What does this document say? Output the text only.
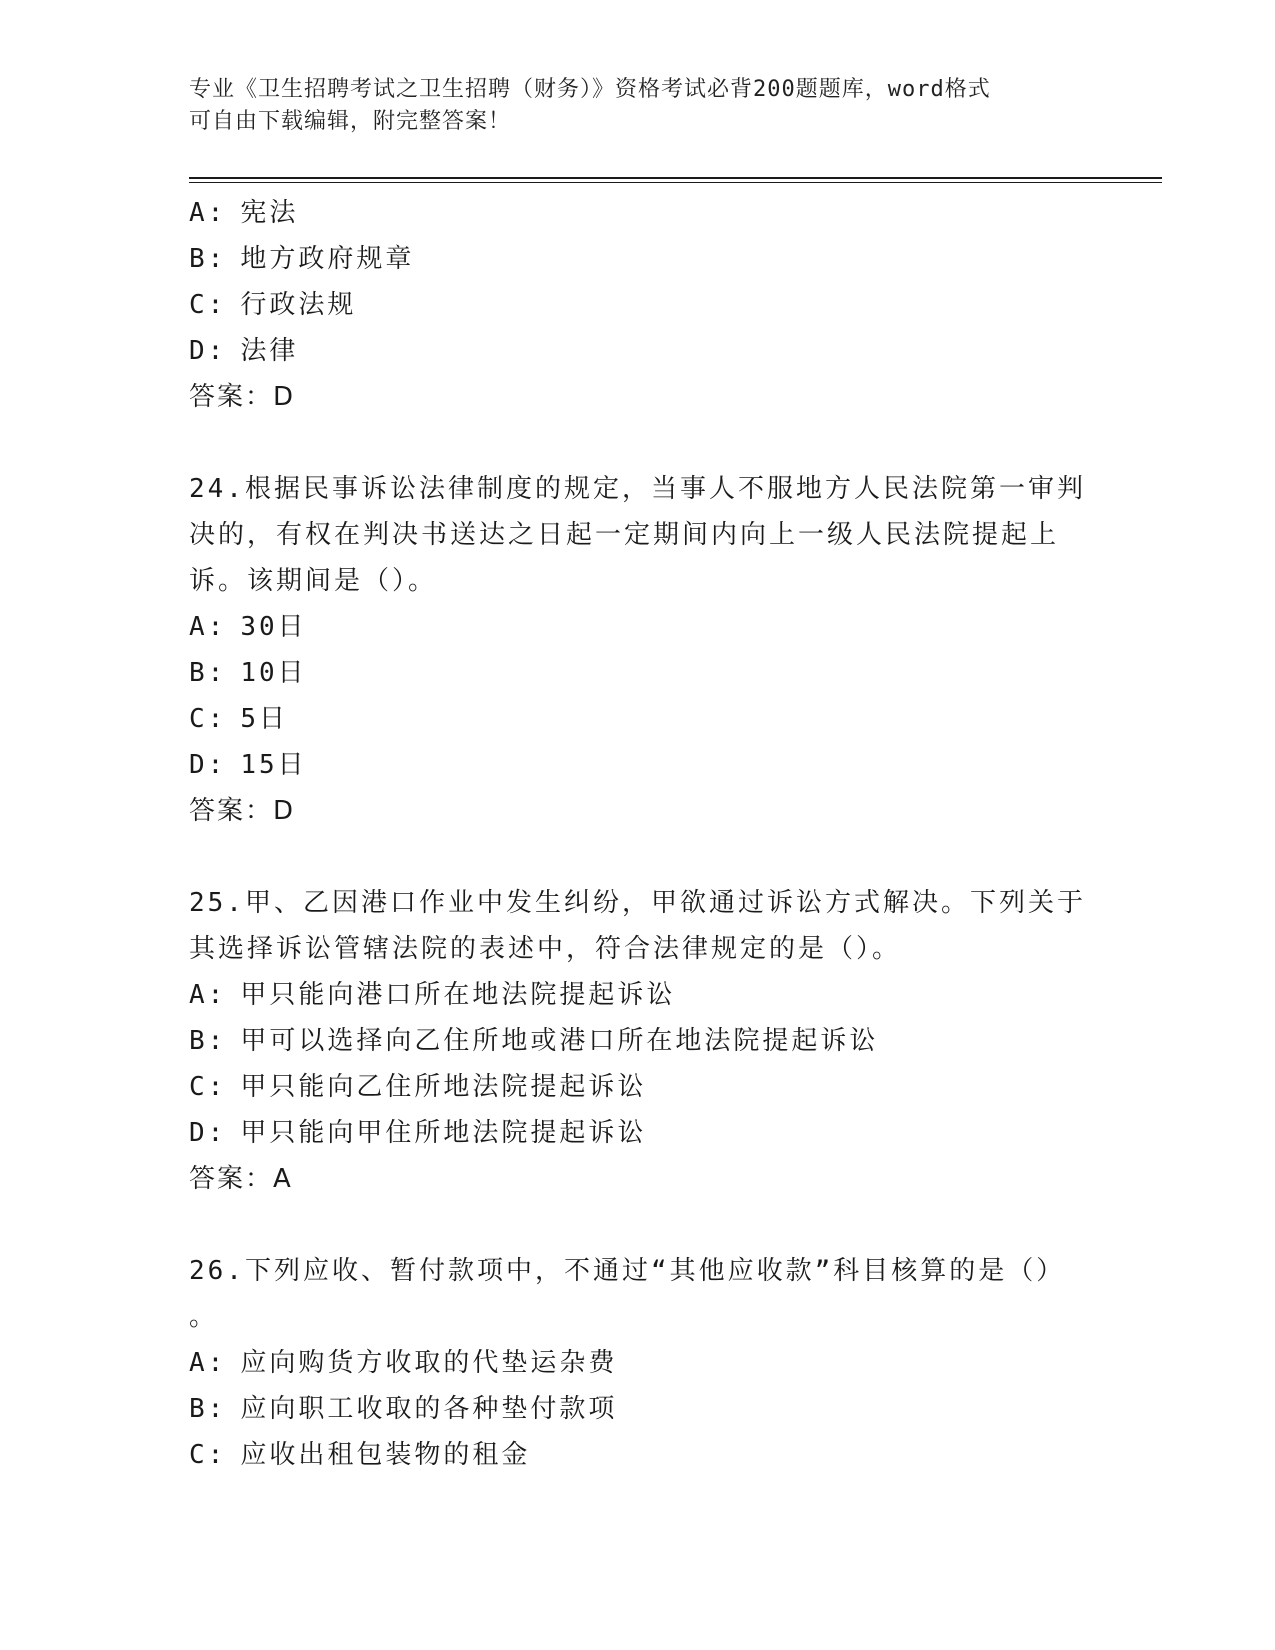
专业《卫生招聘考试之卫生招聘（财务）》资格考试必背200题题库，word格式
可自由下载编辑，附完整答案！
A: 宪法
B: 地方政府规章
C: 行政法规
D: 法律
答案：D
24.根据民事诉讼法律制度的规定，当事人不服地方人民法院第一审判
决的，有权在判决书送达之日起一定期间内向上一级人民法院提起上
诉。该期间是（）。
A: 30日
B: 10日
C: 5日
D: 15日
答案：D
25.甲、乙因港口作业中发生纠纷，甲欲通过诉讼方式解决。下列关于
其选择诉讼管辖法院的表述中，符合法律规定的是（）。
A: 甲只能向港口所在地法院提起诉讼
B: 甲可以选择向乙住所地或港口所在地法院提起诉讼
C: 甲只能向乙住所地法院提起诉讼
D: 甲只能向甲住所地法院提起诉讼
答案：A
26.下列应收、暂付款项中，不通过“其他应收款”科目核算的是（）
。
A: 应向购货方收取的代垫运杂费
B: 应向职工收取的各种垫付款项
C: 应收出租包装物的租金
